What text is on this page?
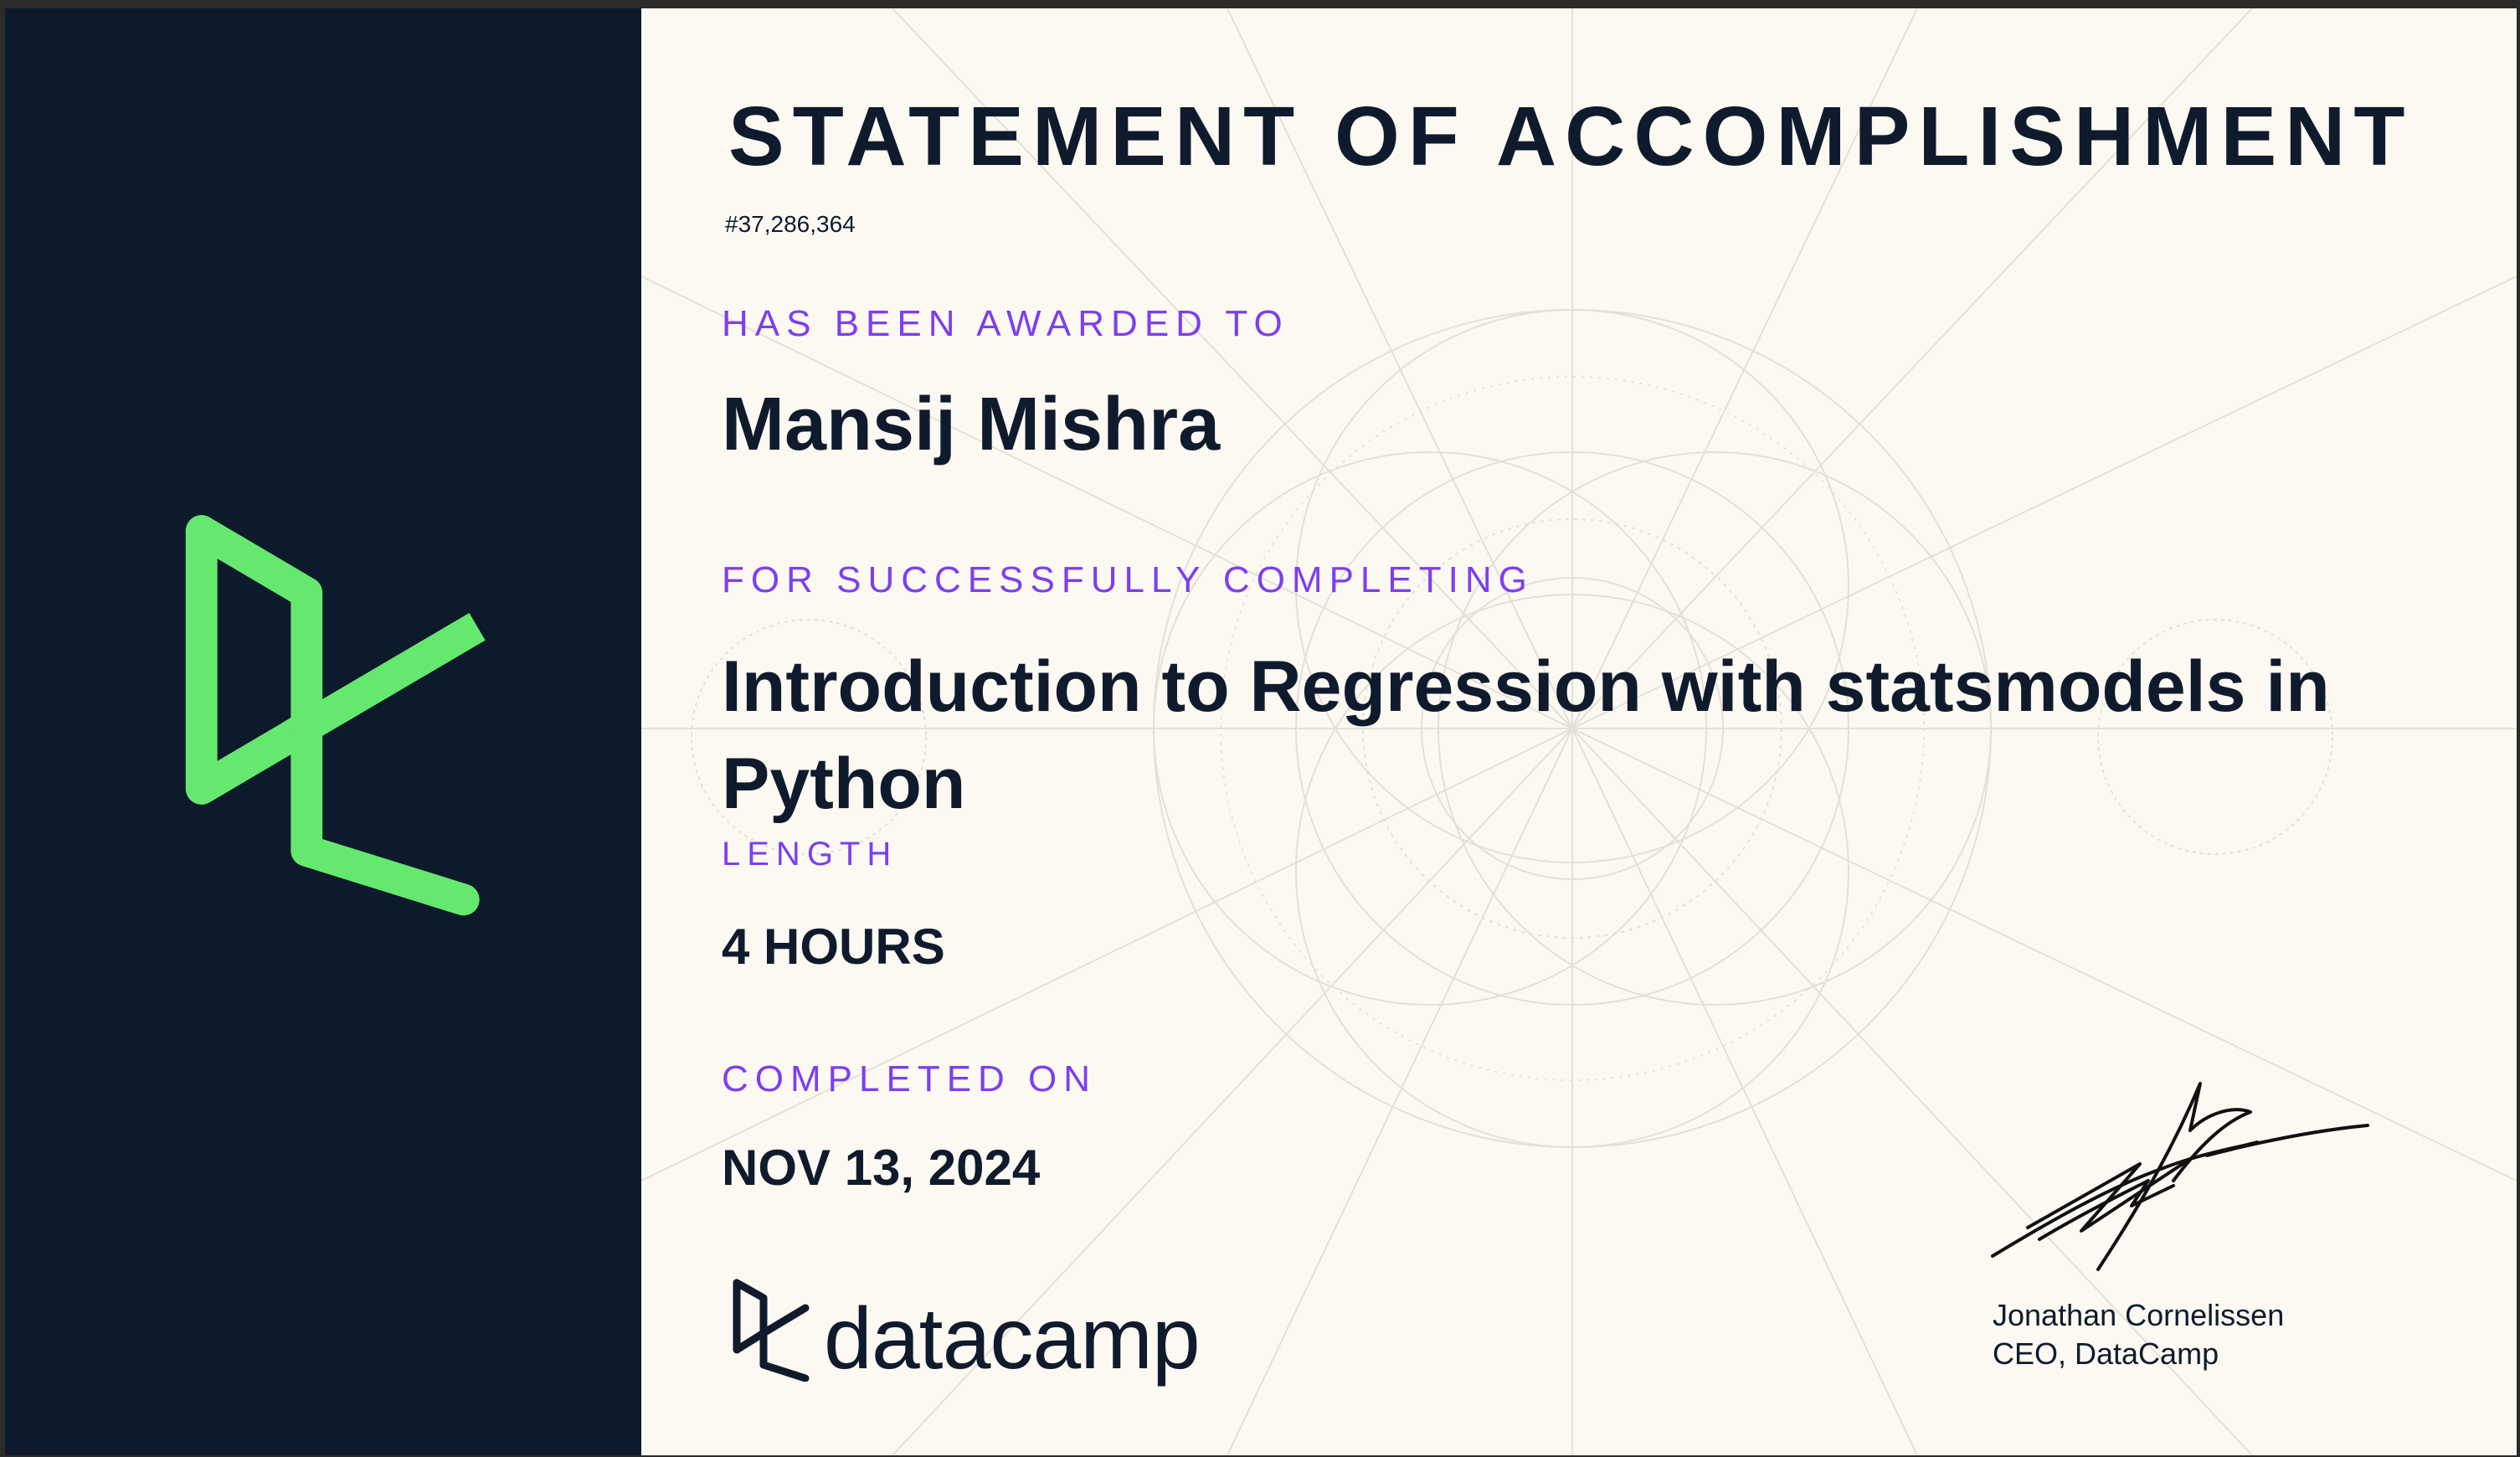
STATEMENT OF ACCOMPLISHMENT

#37,286,364

HAS BEEN AWARDED TO

Mansij Mishra

FOR SUCCESSFULLY COMPLETING

Introduction to Regression with statsmodels in Python

LENGTH

4 HOURS

COMPLETED ON

NOV 13, 2024

datacamp	Jonathan Cornelissen

CEO, DataCamp
